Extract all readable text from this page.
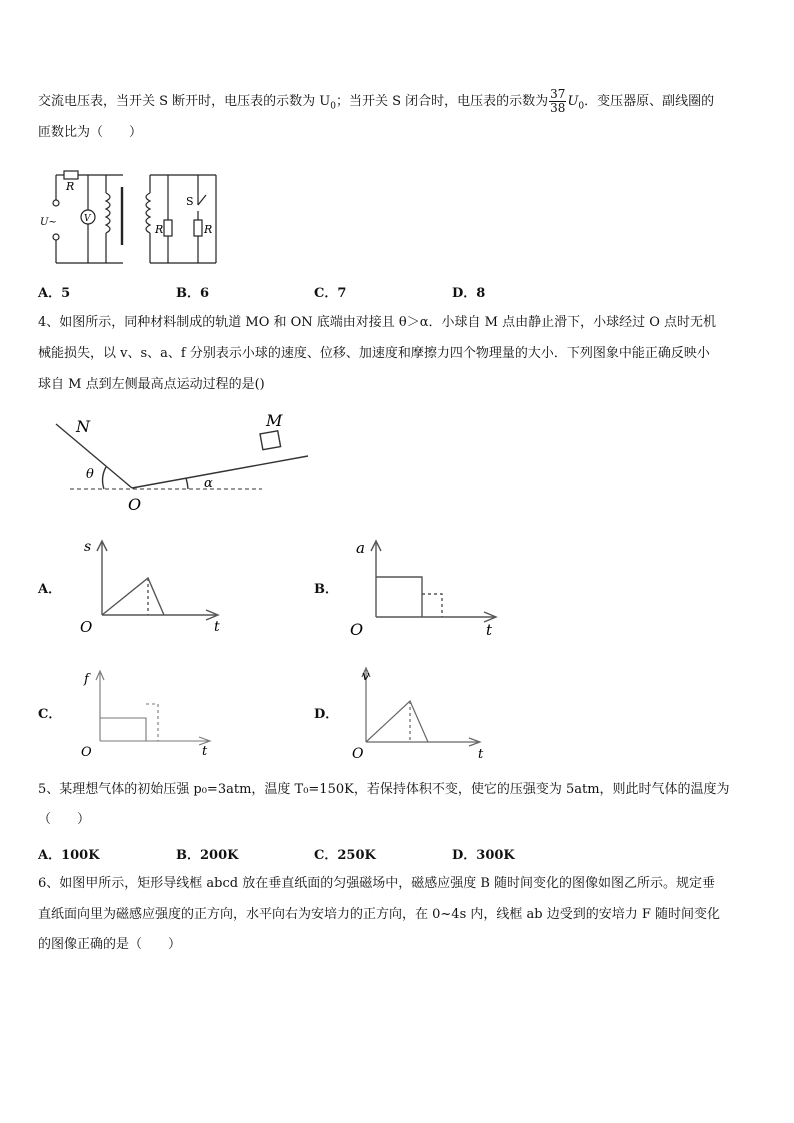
交流电压表，当开关 S 断开时，电压表的示数为 $U_0$；当开关 S 闭合时，电压表的示数为 $\frac{37}{38} U_0$．变压器原、副线圈的
匝数比为（　　）
R
U~	V
R
S
R
A．5	B．6	C．7	D．8
4、如图所示，同种材料制成的轨道 MO 和 ON 底端由对接且 θ＞α．小球自 M 点由静止滑下，小球经过 O 点时无机
械能损失，以 v、s、a、f 分别表示小球的速度、位移、加速度和摩擦力四个物理量的大小．下列图象中能正确反映小
球自 M 点到左侧最高点运动过程的是()
N	M
θ
α
O
A．
s
t
O
B．
a
t
O
C．
f
t
O
D．
v
t
O
5、某理想气体的初始压强 p₀=3atm，温度 T₀=150K，若保持体积不变，使它的压强变为 5atm，则此时气体的温度为
（　　）
A．100K	B．200K	C．250K	D．300K
6、如图甲所示，矩形导线框 abcd 放在垂直纸面的匀强磁场中，磁感应强度 B 随时间变化的图像如图乙所示。规定垂
直纸面向里为磁感应强度的正方向，水平向右为安培力的正方向，在 0~4s 内，线框 ab 边受到的安培力 F 随时间变化
的图像正确的是（　　）
